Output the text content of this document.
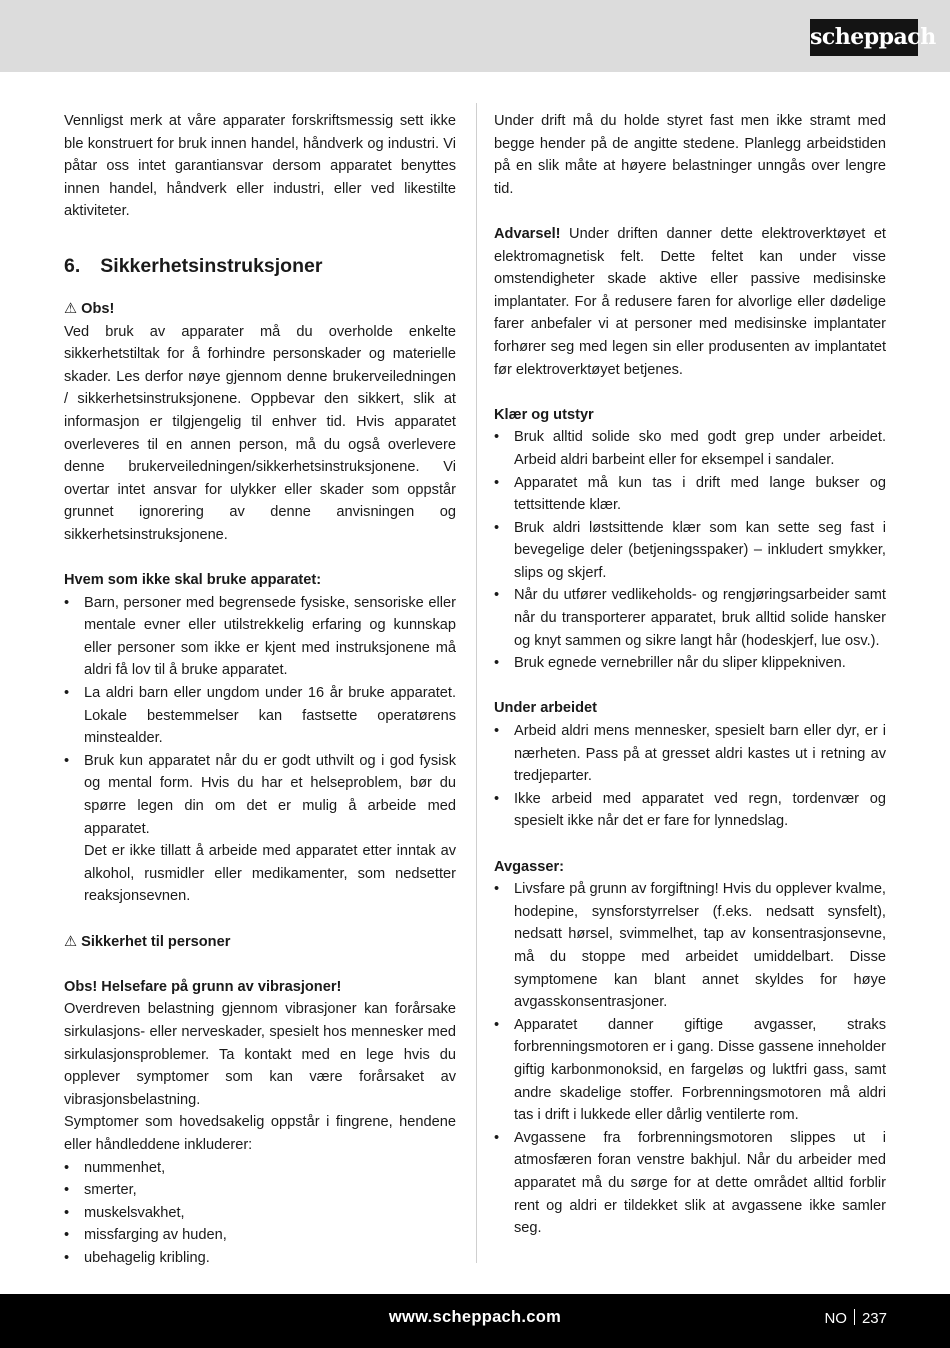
scheppach

Vennligst merk at våre apparater forskriftsmessig sett ikke ble konstruert for bruk innen handel, håndverk og industri. Vi påtar oss intet garantiansvar dersom apparatet benyttes innen handel, håndverk eller industri, eller ved likestilte aktiviteter.

6. Sikkerhetsinstruksjoner

⚠ Obs!

Ved bruk av apparater må du overholde enkelte sikkerhetstiltak for å forhindre personskader og materielle skader. Les derfor nøye gjennom denne brukerveiledningen / sikkerhetsinstruksjonene. Oppbevar den sikkert, slik at informasjon er tilgjengelig til enhver tid. Hvis apparatet overleveres til en annen person, må du også overlevere denne brukerveiledningen/sikkerhetsinstruksjonene. Vi overtar intet ansvar for ulykker eller skader som oppstår grunnet ignorering av denne anvisningen og sikkerhetsinstruksjonene.

Hvem som ikke skal bruke apparatet:

• Barn, personer med begrensede fysiske, sensoriske eller mentale evner eller utilstrekkelig erfaring og kunnskap eller personer som ikke er kjent med instruksjonene må aldri få lov til å bruke apparatet.
• La aldri barn eller ungdom under 16 år bruke apparatet. Lokale bestemmelser kan fastsette operatørens minstealder.
• Bruk kun apparatet når du er godt uthvilt og i god fysisk og mental form. Hvis du har et helseproblem, bør du spørre legen din om det er mulig å arbeide med apparatet.
Det er ikke tillatt å arbeide med apparatet etter inntak av alkohol, rusmidler eller medikamenter, som nedsetter reaksjonsevnen.

⚠ Sikkerhet til personer

Obs! Helsefare på grunn av vibrasjoner!

Overdreven belastning gjennom vibrasjoner kan forårsake sirkulasjons- eller nerveskader, spesielt hos mennesker med sirkulasjonsproblemer. Ta kontakt med en lege hvis du opplever symptomer som kan være forårsaket av vibrasjonsbelastning.

Symptomer som hovedsakelig oppstår i fingrene, hendene eller håndleddene inkluderer:

• nummenhet,
• smerter,
• muskelsvakhet,
• missfarging av huden,
• ubehagelig kribling.

Under drift må du holde styret fast men ikke stramt med begge hender på de angitte stedene. Planlegg arbeidstiden på en slik måte at høyere belastninger unngås over lengre tid.

Advarsel! Under driften danner dette elektroverktøyet et elektromagnetisk felt. Dette feltet kan under visse omstendigheter skade aktive eller passive medisinske implantater. For å redusere faren for alvorlige eller dødelige farer anbefaler vi at personer med medisinske implantater forhører seg med legen sin eller produsenten av implantatet før elektroverktøyet betjenes.

Klær og utstyr

• Bruk alltid solide sko med godt grep under arbeidet. Arbeid aldri barbeint eller for eksempel i sandaler.
• Apparatet må kun tas i drift med lange bukser og tettsittende klær.
• Bruk aldri løstsittende klær som kan sette seg fast i bevegelige deler (betjeningsspaker) – inkludert smykker, slips og skjerf.
• Når du utfører vedlikeholds- og rengjøringsarbeider samt når du transporterer apparatet, bruk alltid solide hansker og knyt sammen og sikre langt hår (hodeskjerf, lue osv.).
• Bruk egnede vernebriller når du sliper klippekniven.

Under arbeidet

• Arbeid aldri mens mennesker, spesielt barn eller dyr, er i nærheten. Pass på at gresset aldri kastes ut i retning av tredjeparter.
• Ikke arbeid med apparatet ved regn, tordenvær og spesielt ikke når det er fare for lynnedslag.

Avgasser:

• Livsfare på grunn av forgiftning! Hvis du opplever kvalme, hodepine, synsforstyrrelser (f.eks. nedsatt synsfelt), nedsatt hørsel, svimmelhet, tap av konsentrasjonsevne, må du stoppe med arbeidet umiddelbart. Disse symptomene kan blant annet skyldes for høye avgasskonsentrasjoner.
• Apparatet danner giftige avgasser, straks forbrenningsmotoren er i gang. Disse gassene inneholder giftig karbonmonoksid, en fargeløs og luktfri gass, samt andre skadelige stoffer. Forbrenningsmotoren må aldri tas i drift i lukkede eller dårlig ventilerte rom.
• Avgassene fra forbrenningsmotoren slippes ut i atmosfæren foran venstre bakhjul. Når du arbeider med apparatet må du sørge for at dette området alltid forblir rent og aldri er tildekket slik at avgassene ikke samler seg.
www.scheppach.com	NO 237
